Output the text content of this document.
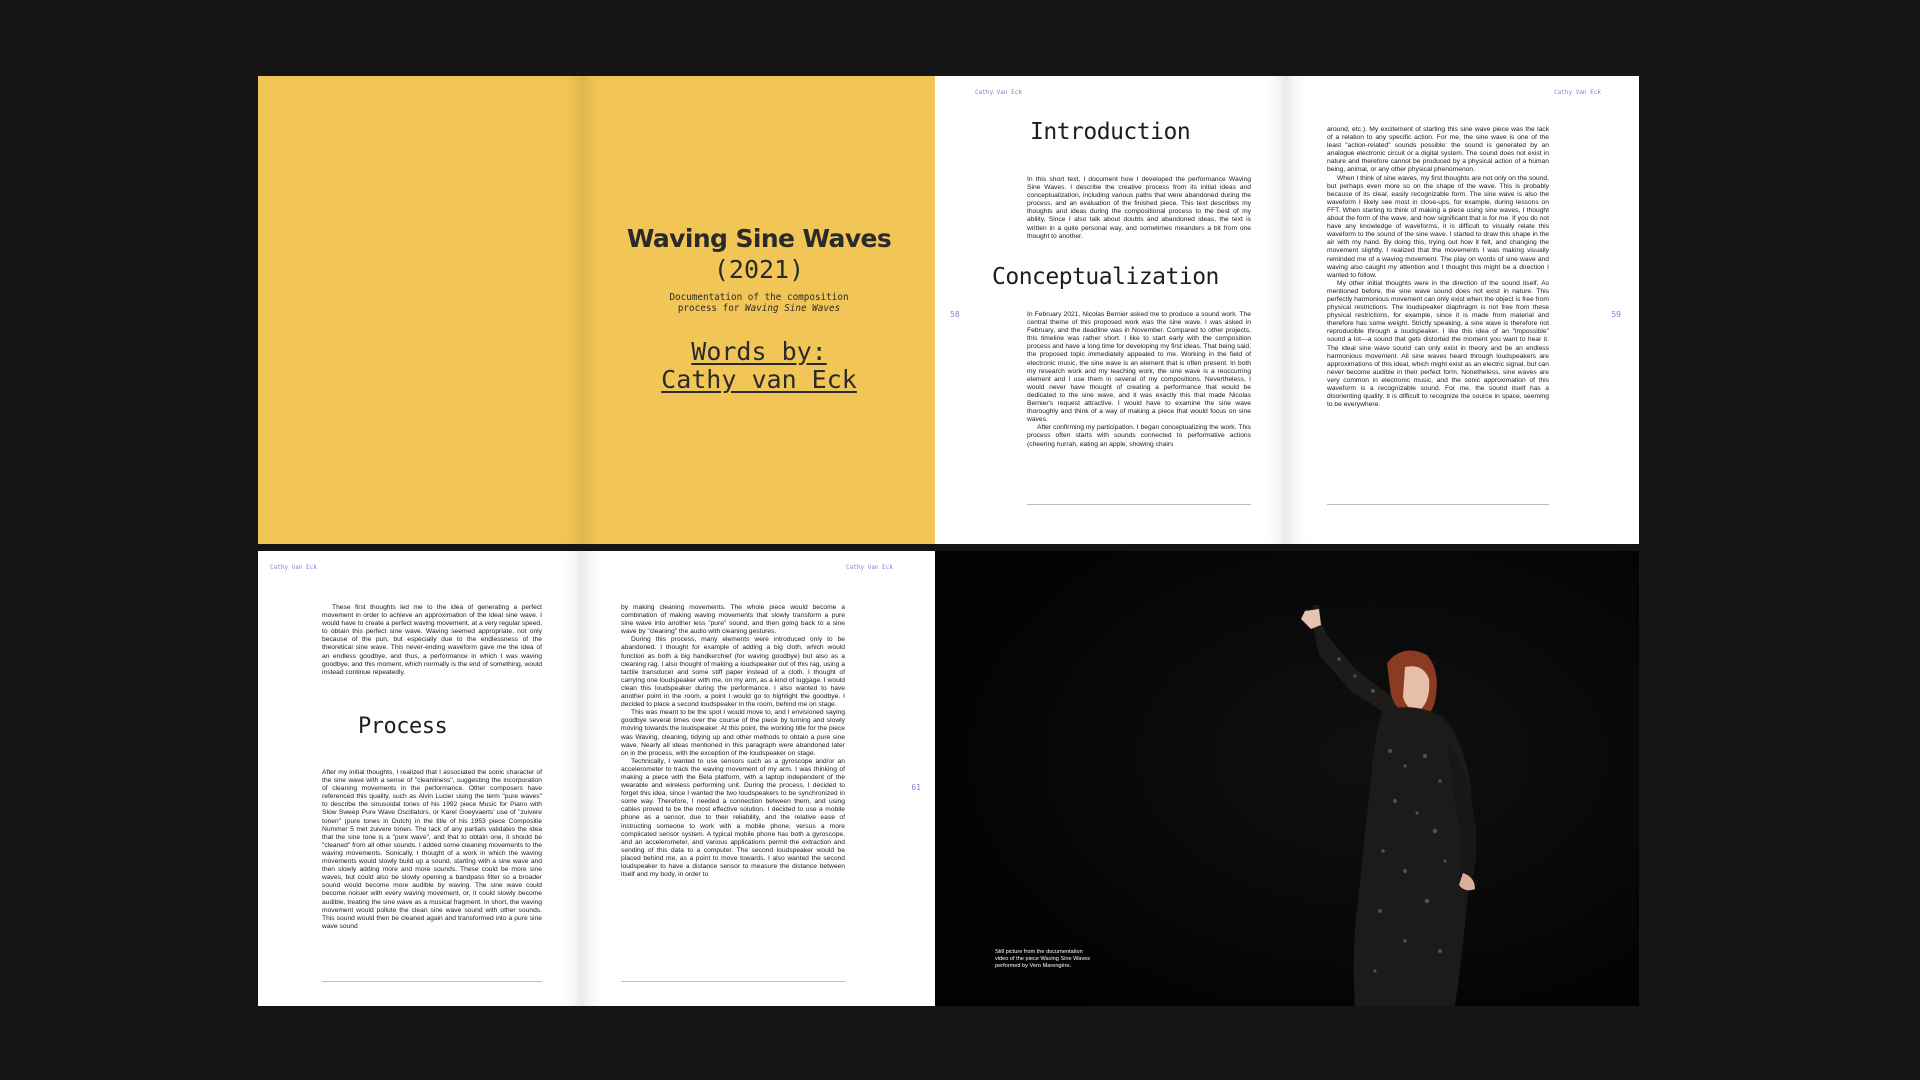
Waving Sine Waves
(2021)
Documentation of the composition
process for Waving Sine Waves
Words by:
Cathy van Eck
Cathy Van Eck
58
Introduction

In this short text, I document how I developed the performance Waving Sine Waves. I describe the creative process from its initial ideas and conceptualization, including various paths that were abandoned during the process, and an evaluation of the finished piece. This text describes my thoughts and ideas during the compositional process to the best of my ability. Since I also talk about doubts and abandoned ideas, the text is written in a quite personal way, and sometimes meanders a bit from one thought to another.

Conceptualization

In February 2021, Nicolas Bernier asked me to produce a sound work. The central theme of this proposed work was the sine wave. I was asked in February, and the deadline was in November. Compared to other projects, this timeline was rather short. I like to start early with the composition process and have a long time for developing my first ideas. That being said, the proposed topic immediately appealed to me. Working in the field of electronic music, the sine wave is an element that is often present. In both my research work and my teaching work, the sine wave is a reoccurring element and I use them in several of my compositions. Nevertheless, I would never have thought of creating a performance that would be dedicated to the sine wave, and it was exactly this that made Nicolas Bernier's request attractive. I would have to examine the sine wave thoroughly and think of a way of making a piece that would focus on sine waves.

After confirming my participation, I began conceptualizing the work. This process often starts with sounds connected to performative actions (cheering hurrah, eating an apple, showing chairs

Cathy Van Eck
59

around, etc.). My excitement of starting this sine wave piece was the lack of a relation to any specific action. For me, the sine wave is one of the least "action-related" sounds possible: the sound is generated by an analogue electronic circuit or a digital system. The sound does not exist in nature and therefore cannot be produced by a physical action of a human being, animal, or any other physical phenomenon.

When I think of sine waves, my first thoughts are not only on the sound, but perhaps even more so on the shape of the wave. This is probably because of its clear, easily recognizable form. The sine wave is also the waveform I likely see most in close-ups, for example, during lessons on FFT. When starting to think of making a piece using sine waves, I thought about the form of the wave, and how significant that is for me. If you do not have any knowledge of waveforms, it is difficult to visually relate this waveform to the sound of the sine wave. I started to draw this shape in the air with my hand. By doing this, trying out how it felt, and changing the movement slightly, I realized that the movements I was making visually reminded me of a waving movement. The play on words of sine wave and waving also caught my attention and I thought this might be a direction I wanted to follow.

My other initial thoughts were in the direction of the sound itself. As mentioned before, the sine wave sound does not exist in nature. This perfectly harmonious movement can only exist when the object is free from physical restrictions. The loudspeaker diaphragm is not free from these physical restrictions, for example, since it is made from material and therefore has some weight. Strictly speaking, a sine wave is therefore not reproducible through a loudspeaker. I like this idea of an "impossible" sound a lot—a sound that gets distorted the moment you want to hear it. The ideal sine wave sound can only exist in theory and be an endless harmonious movement. All sine waves heard through loudspeakers are approximations of this ideal, which might exist as an electric signal, but can never become audible in their perfect form. Nonetheless, sine waves are very common in electronic music, and the sonic approximation of this waveform is a recognizable sound. For me, the sound itself has a disorienting quality. It is difficult to recognize the source in space, seeming to be everywhere.

Cathy Van Eck

These first thoughts led me to the idea of generating a perfect movement in order to achieve an approximation of the ideal sine wave. I would have to create a perfect waving movement, at a very regular speed, to obtain this perfect sine wave. Waving seemed appropriate, not only because of the pun, but especially due to the endlessness of the theoretical sine wave. This never-ending waveform gave me the idea of an endless goodbye, and thus, a performance in which I was waving goodbye, and this moment, which normally is the end of something, would instead continue repeatedly.

Process

After my initial thoughts, I realized that I associated the sonic character of the sine wave with a sense of "cleanliness", suggesting the incorporation of cleaning movements in the performance. Other composers have referenced this quality, such as Alvin Lucier using the term "pure waves" to describe the sinusoidal tones of his 1992 piece Music for Piano with Slow Sweep Pure Wave Oscillators, or Karel Goeyvaerts' use of "zuivere tonen" (pure tones in Dutch) in the title of his 1953 piece Compositie Nummer 5 met zuivere tonen. The lack of any partials validates the idea that the sine tone is a "pure wave", and that to obtain one, it should be "cleaned" from all other sounds. I added some cleaning movements to the waving movements. Sonically, I thought of a work in which the waving movements would slowly build up a sound, starting with a sine wave and then slowly adding more and more sounds. These could be more sine waves, but could also be slowly opening a bandpass filter so a broader sound would become more audible by waving. The sine wave could become noisier with every waving movement, or, it could slowly become audible, treating the sine wave as a musical fragment. In short, the waving movement would pollute the clean sine wave sound with other sounds. This sound would then be cleaned again and transformed into a pure sine wave sound

Cathy Van Eck
61

by making cleaning movements. The whole piece would become a combination of making waving movements that slowly transform a pure sine wave into another less "pure" sound, and then going back to a sine wave by "cleaning" the audio with cleaning gestures.

During this process, many elements were introduced only to be abandoned. I thought for example of adding a big cloth, which would function as both a big handkerchief (for waving goodbye) but also as a cleaning rag. I also thought of making a loudspeaker out of this rag, using a tactile transducer and some stiff paper instead of a cloth. I thought of carrying one loudspeaker with me, on my arm, as a kind of luggage. I would clean this loudspeaker during the performance. I also wanted to have another point in the room, a point I would go to highlight the goodbye. I decided to place a second loudspeaker in the room, behind me on stage.

This was meant to be the spot I would move to, and I envisioned saying goodbye several times over the course of the piece by turning and slowly moving towards the loudspeaker. At this point, the working title for the piece was Waving, cleaning, tidying up and other methods to obtain a pure sine wave. Nearly all ideas mentioned in this paragraph were abandoned later on in the process, with the exception of the loudspeaker on stage.

Technically, I wanted to use sensors such as a gyroscope and/or an accelerometer to track the waving movement of my arm. I was thinking of making a piece with the Bela platform, with a laptop independent of the wearable and wireless performing unit. During the process, I decided to forget this idea, since I wanted the two loudspeakers to be synchronized in some way. Therefore, I needed a connection between them, and using cables proved to be the most effective solution. I decided to use a mobile phone as a sensor, due to their reliability, and the relative ease of instructing someone to work with a mobile phone, versus a more complicated sensor system. A typical mobile phone has both a gyroscope, and an accelerometer, and various applications permit the extraction and sending of this data to a computer. The second loudspeaker would be placed behind me, as a point to move towards. I also wanted the second loudspeaker to have a distance sensor to measure the distance between itself and my body, in order to

Still picture from the documentation
video of the piece Waving Sine Waves
performed by Vero Marengère.
